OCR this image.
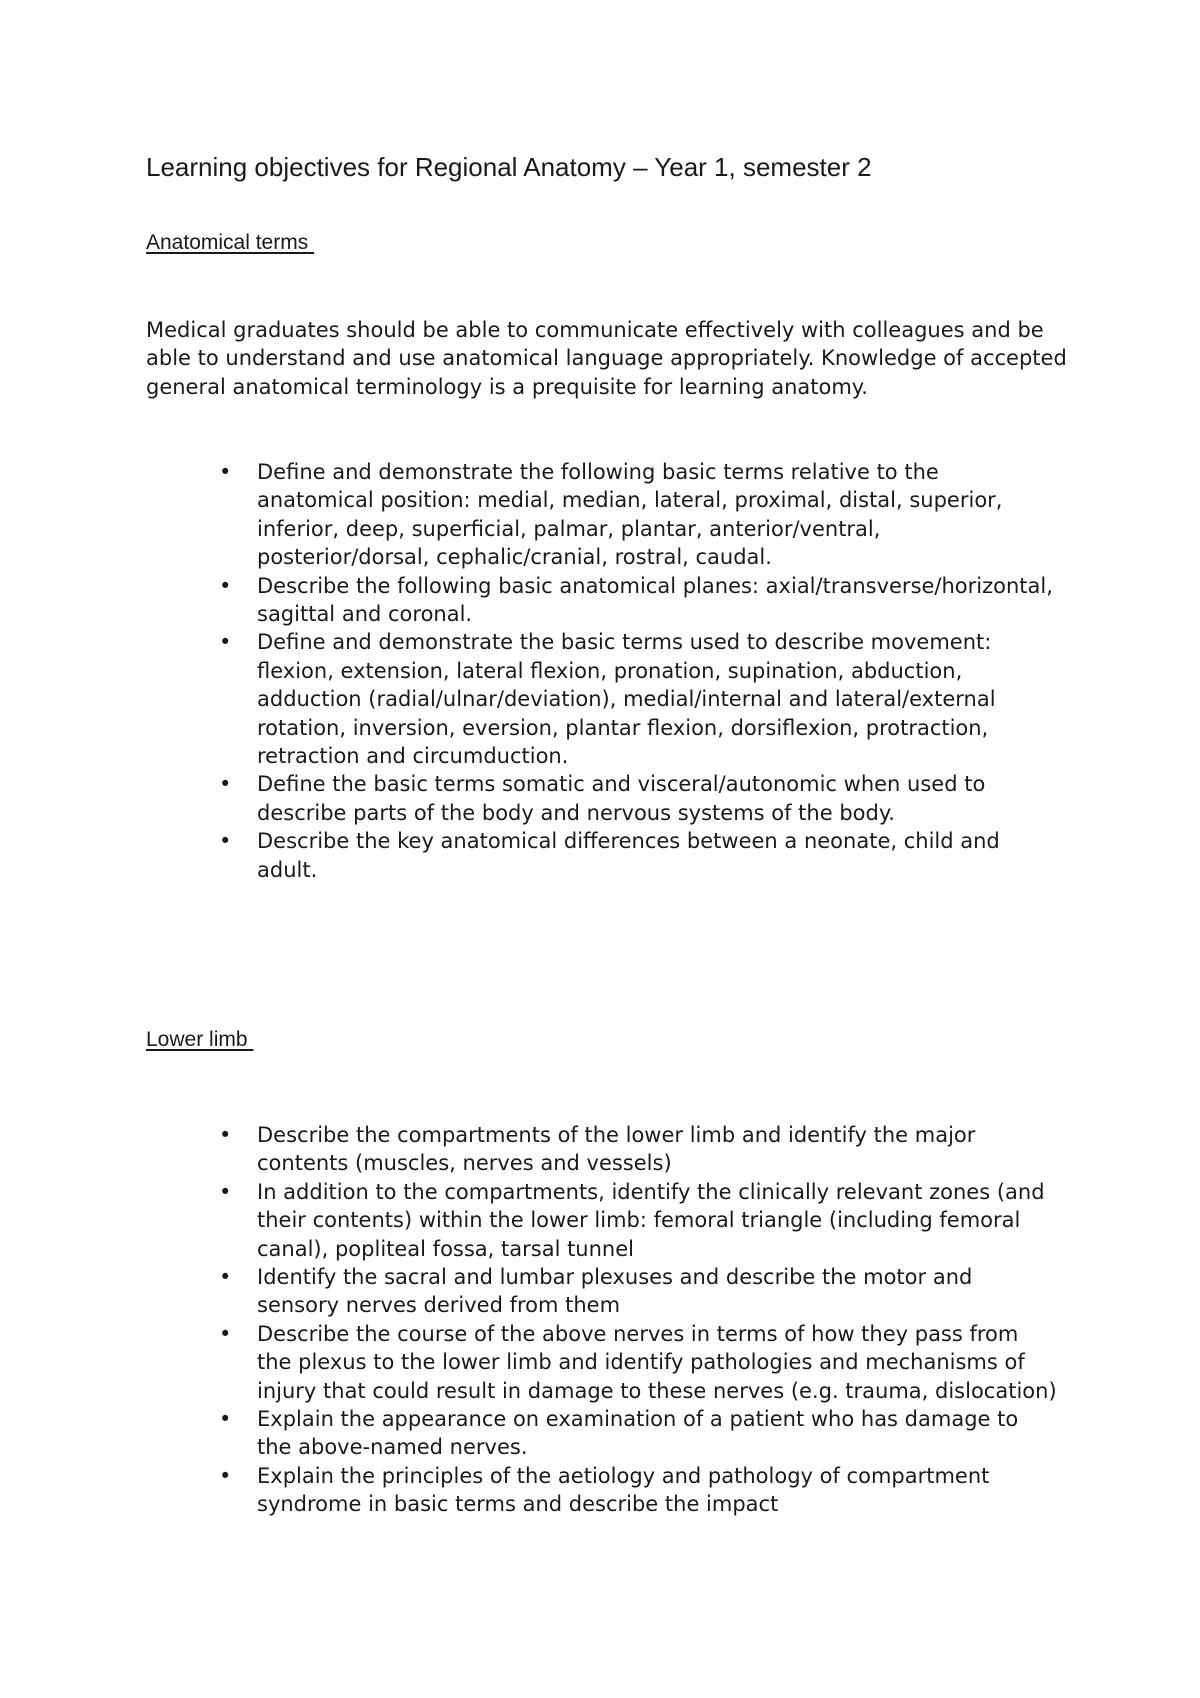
Learning objectives for Regional Anatomy – Year 1, semester 2
Anatomical terms

Medical graduates should be able to communicate effectively with colleagues and be able to understand and use anatomical language appropriately. Knowledge of accepted general anatomical terminology is a prequisite for learning anatomy.

• Define and demonstrate the following basic terms relative to the anatomical position: medial, median, lateral, proximal, distal, superior, inferior, deep, superficial, palmar, plantar, anterior/ventral, posterior/dorsal, cephalic/cranial, rostral, caudal.
• Describe the following basic anatomical planes: axial/transverse/horizontal, sagittal and coronal.
• Define and demonstrate the basic terms used to describe movement: flexion, extension, lateral flexion, pronation, supination, abduction, adduction (radial/ulnar/deviation), medial/internal and lateral/external rotation, inversion, eversion, plantar flexion, dorsiflexion, protraction, retraction and circumduction.
• Define the basic terms somatic and visceral/autonomic when used to describe parts of the body and nervous systems of the body.
• Describe the key anatomical differences between a neonate, child and adult.
Lower limb
• Describe the compartments of the lower limb and identify the major contents (muscles, nerves and vessels)
• In addition to the compartments, identify the clinically relevant zones (and their contents) within the lower limb: femoral triangle (including femoral canal), popliteal fossa, tarsal tunnel
• Identify the sacral and lumbar plexuses and describe the motor and sensory nerves derived from them
• Describe the course of the above nerves in terms of how they pass from the plexus to the lower limb and identify pathologies and mechanisms of injury that could result in damage to these nerves (e.g. trauma, dislocation)
• Explain the appearance on examination of a patient who has damage to the above-named nerves.
• Explain the principles of the aetiology and pathology of compartment syndrome in basic terms and describe the impact
